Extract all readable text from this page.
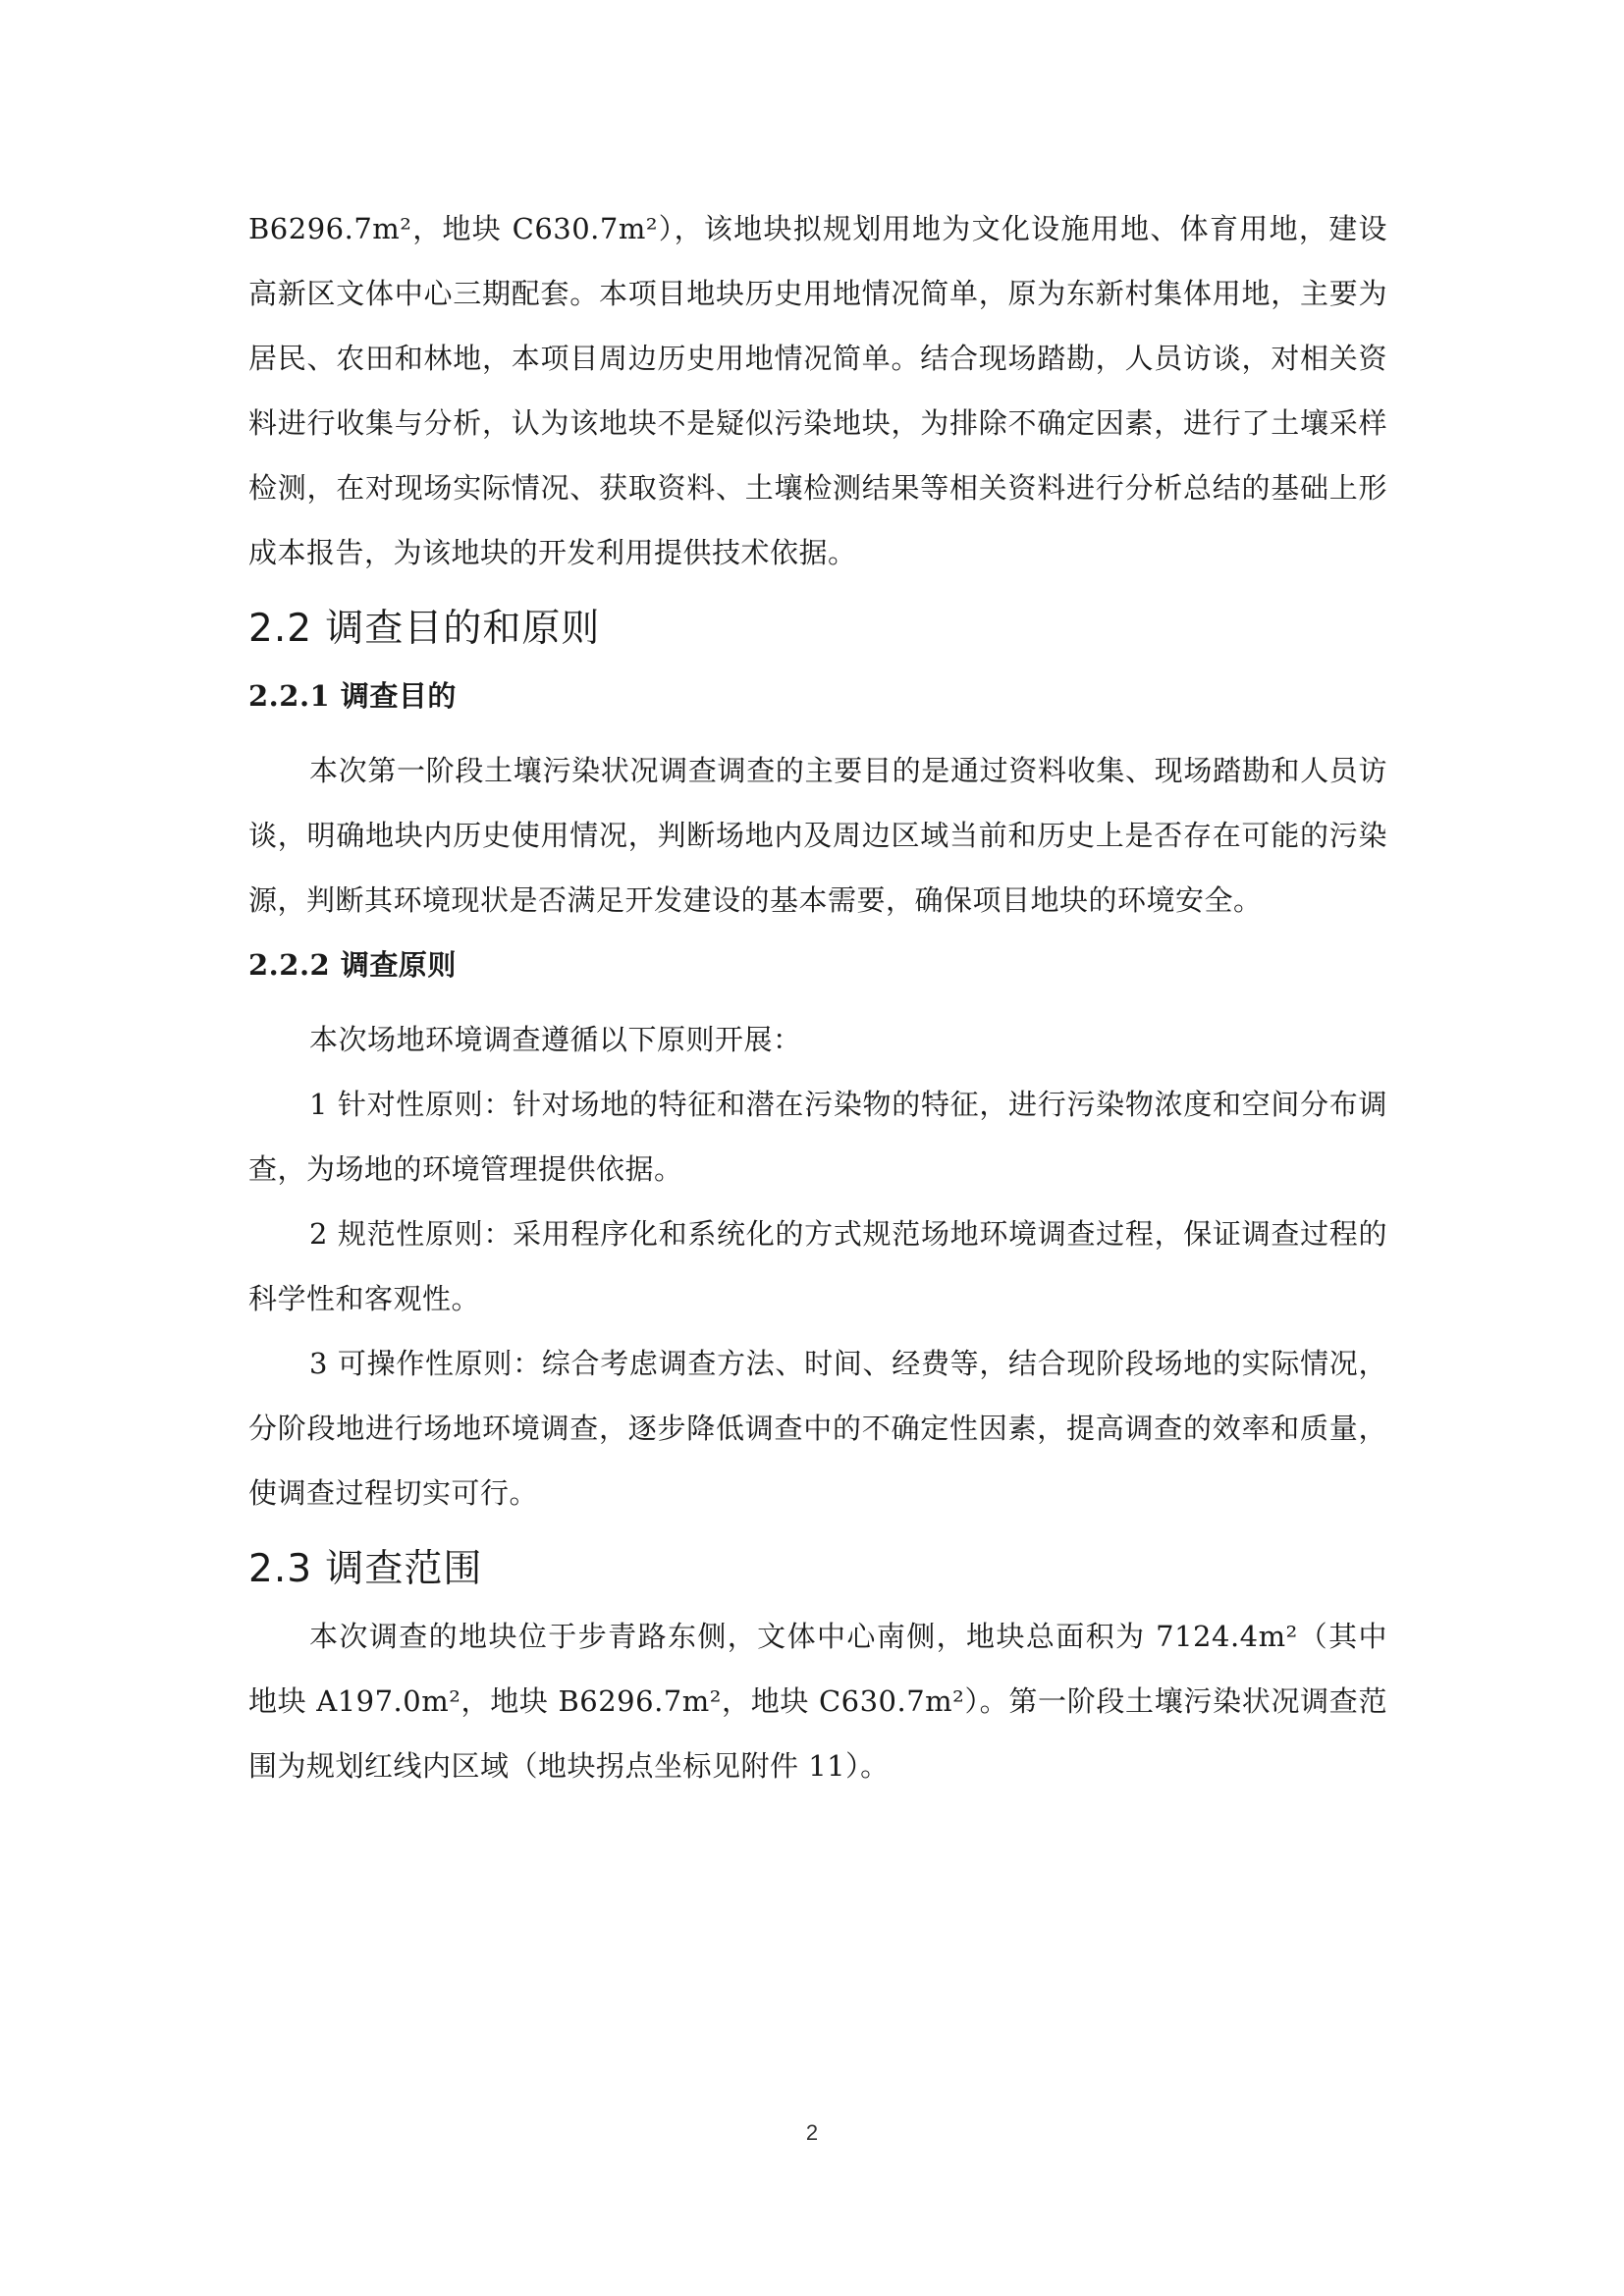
B6296.7m²，地块 C630.7m²），该地块拟规划用地为文化设施用地、体育用地，建设高新区文体中心三期配套。本项目地块历史用地情况简单，原为东新村集体用地，主要为居民、农田和林地，本项目周边历史用地情况简单。结合现场踏勘，人员访谈，对相关资料进行收集与分析，认为该地块不是疑似污染地块，为排除不确定因素，进行了土壤采样检测，在对现场实际情况、获取资料、土壤检测结果等相关资料进行分析总结的基础上形成本报告，为该地块的开发利用提供技术依据。

2.2 调查目的和原则
2.2.1 调查目的

本次第一阶段土壤污染状况调查调查的主要目的是通过资料收集、现场踏勘和人员访谈，明确地块内历史使用情况，判断场地内及周边区域当前和历史上是否存在可能的污染源，判断其环境现状是否满足开发建设的基本需要，确保项目地块的环境安全。

2.2.2 调查原则

本次场地环境调查遵循以下原则开展：

1 针对性原则：针对场地的特征和潜在污染物的特征，进行污染物浓度和空间分布调查，为场地的环境管理提供依据。

2 规范性原则：采用程序化和系统化的方式规范场地环境调查过程，保证调查过程的科学性和客观性。

3 可操作性原则：综合考虑调查方法、时间、经费等，结合现阶段场地的实际情况，分阶段地进行场地环境调查，逐步降低调查中的不确定性因素，提高调查的效率和质量，使调查过程切实可行。

2.3 调查范围

本次调查的地块位于步青路东侧，文体中心南侧，地块总面积为 7124.4m²（其中地块 A197.0m²，地块 B6296.7m²，地块 C630.7m²）。第一阶段土壤污染状况调查范围为规划红线内区域（地块拐点坐标见附件 11）。

2
